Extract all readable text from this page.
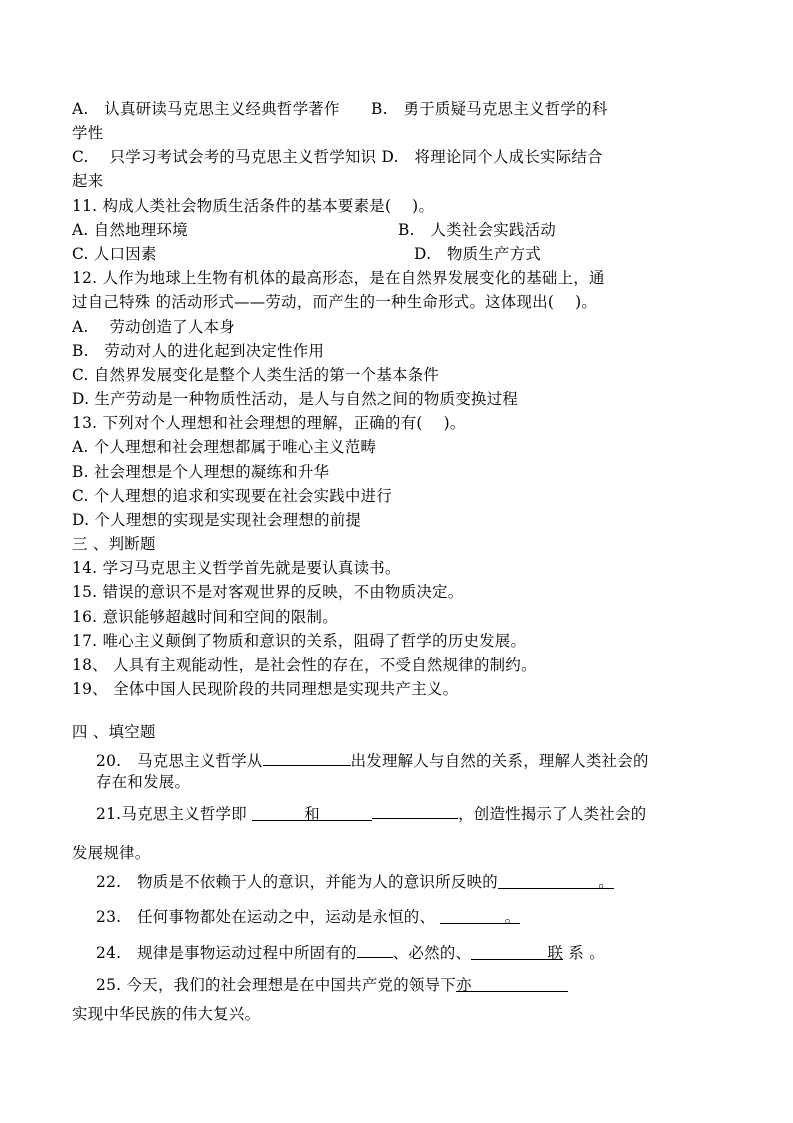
A.　认真研读马克思主义经典哲学著作　　B.　勇于质疑马克思主义哲学的科
学性
C.　 只学习考试会考的马克思主义哲学知识 D.　将理论同个人成长实际结合
起来
11. 构成人类社会物质生活条件的基本要素是(　 )。
A. 自然地理环境	B.　人类社会实践活动
C. 人口因素	D.　物质生产方式
12. 人作为地球上生物有机体的最高形态，是在自然界发展变化的基础上，通
过自己特殊 的活动形式——劳动，而产生的一种生命形式。这体现出(　 )。
A.　 劳动创造了人本身
B.　劳动对人的进化起到决定性作用
C. 自然界发展变化是整个人类生活的第一个基本条件
D. 生产劳动是一种物质性活动，是人与自然之间的物质变换过程
13. 下列对个人理想和社会理想的理解，正确的有(　 )。
A. 个人理想和社会理想都属于唯心主义范畴
B. 社会理想是个人理想的凝练和升华
C. 个人理想的追求和实现要在社会实践中进行
D. 个人理想的实现是实现社会理想的前提
三 、判断题
14. 学习马克思主义哲学首先就是要认真读书。
15. 错误的意识不是对客观世界的反映，不由物质决定。
16. 意识能够超越时间和空间的限制。
17. 唯心主义颠倒了物质和意识的关系，阻碍了哲学的历史发展。
18、 人具有主观能动性，是社会性的存在，不受自然规律的制约。
19、 全体中国人民现阶段的共同理想是实现共产主义。
四 、填空题
20.　马克思主义哲学从	出发理解人与自然的关系，理解人类社会的
存在和发展。
21.马克思主义哲学即	和	，创造性揭示了人类社会的
发展规律。
22.　物质是不依赖于人的意识，并能为人的意识所反映的	。
23.　任何事物都处在运动之中，运动是永恒的、	。
24.　规律是事物运动过程中所固有的 、必然的、	联 系 。
25. 今天，我们的社会理想是在中国共产党的领导下亦
实现中华民族的伟大复兴。
